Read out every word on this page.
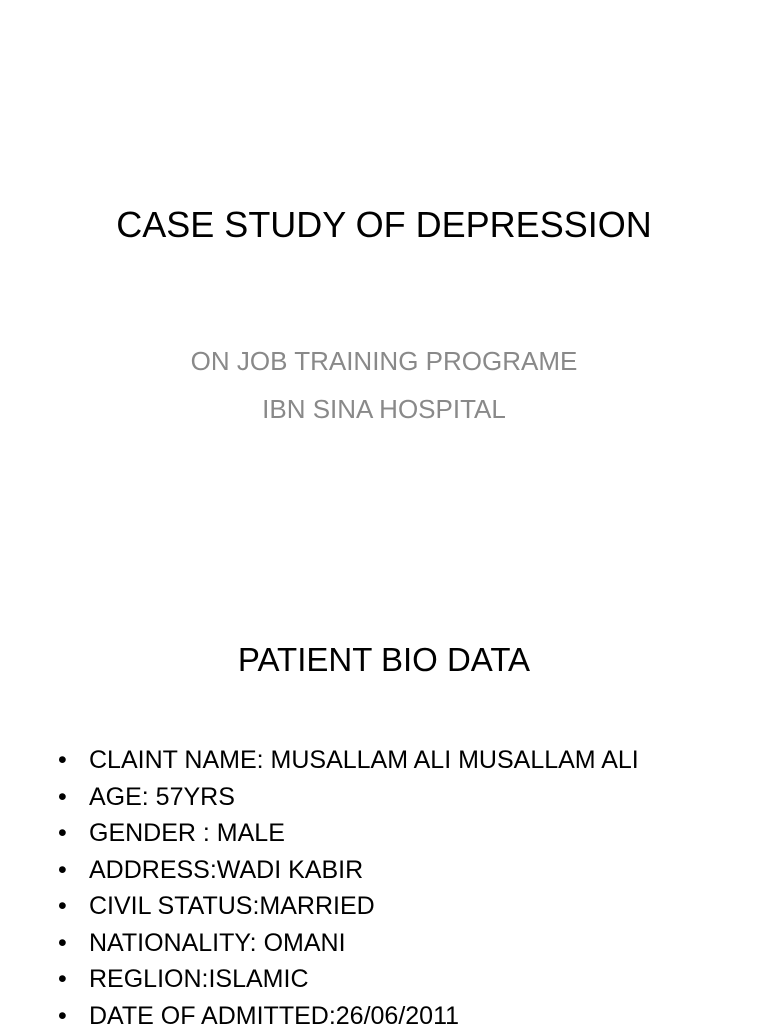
CASE STUDY OF DEPRESSION
ON JOB TRAINING PROGRAME
IBN SINA HOSPITAL
PATIENT BIO DATA
• CLAINT NAME: MUSALLAM ALI MUSALLAM ALI
• AGE: 57YRS
• GENDER : MALE
• ADDRESS:WADI KABIR
• CIVIL STATUS:MARRIED
• NATIONALITY: OMANI
• REGLION:ISLAMIC
• DATE OF ADMITTED:26/06/2011
